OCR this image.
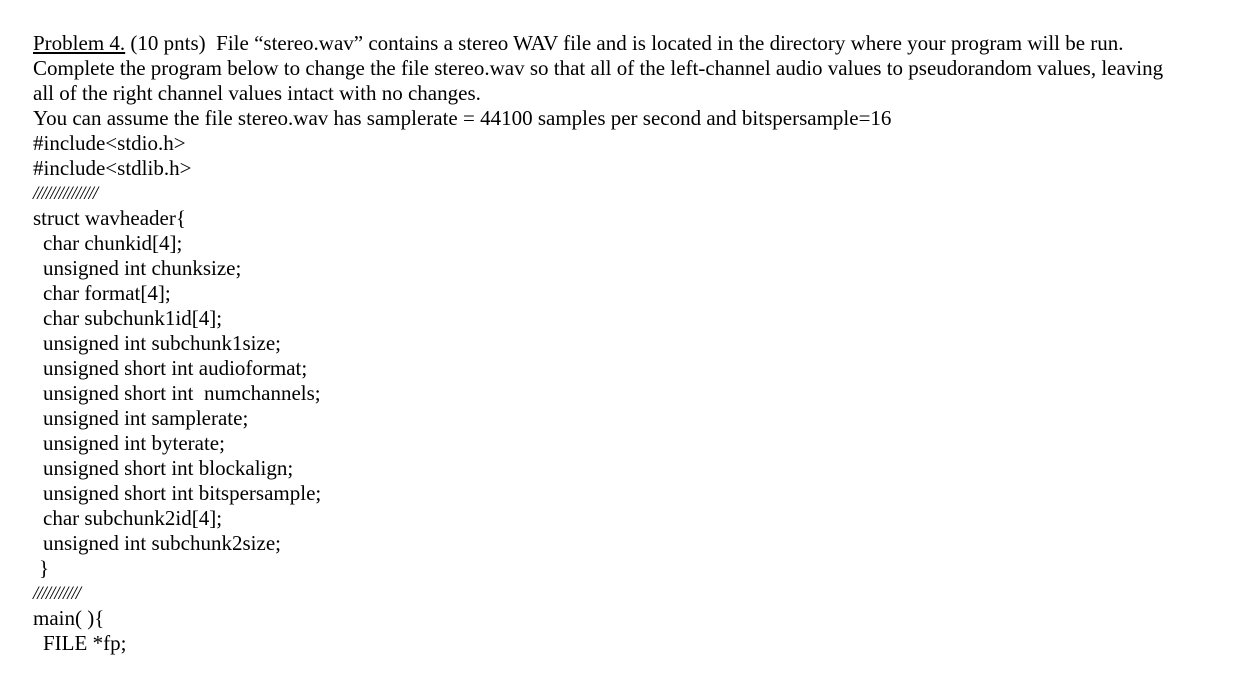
Problem 4. (10 pnts)  File “stereo.wav” contains a stereo WAV file and is located in the directory where your program will be run.
Complete the program below to change the file stereo.wav so that all of the left-channel audio values to pseudorandom values, leaving
all of the right channel values intact with no changes.
You can assume the file stereo.wav has samplerate = 44100 samples per second and bitspersample=16
#include<stdio.h>
#include<stdlib.h>
///////////////
struct wavheader{
char chunkid[4];
unsigned int chunksize;
char format[4];
char subchunk1id[4];
unsigned int subchunk1size;
unsigned short int audioformat;
unsigned short int  numchannels;
unsigned int samplerate;
unsigned int byterate;
unsigned short int blockalign;
unsigned short int bitspersample;
char subchunk2id[4];
unsigned int subchunk2size;
}
///////////
main( ){
FILE *fp;
